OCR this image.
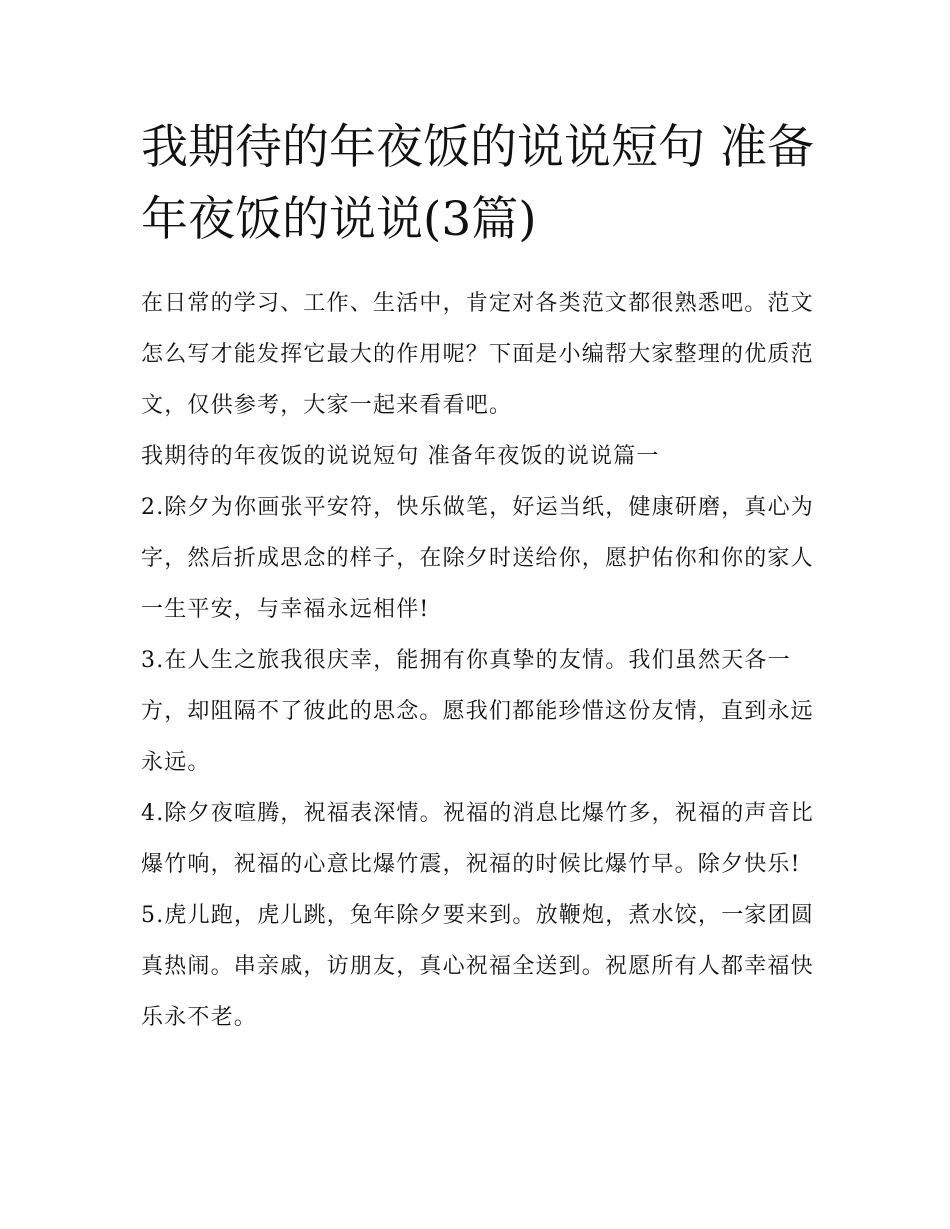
我期待的年夜饭的说说短句 准备年夜饭的说说(3篇)

在日常的学习、工作、生活中，肯定对各类范文都很熟悉吧。范文怎么写才能发挥它最大的作用呢？下面是小编帮大家整理的优质范文，仅供参考，大家一起来看看吧。

我期待的年夜饭的说说短句 准备年夜饭的说说篇一

2.除夕为你画张平安符，快乐做笔，好运当纸，健康研磨，真心为字，然后折成思念的样子，在除夕时送给你，愿护佑你和你的家人一生平安，与幸福永远相伴!

3.在人生之旅我很庆幸，能拥有你真挚的友情。我们虽然天各一方，却阻隔不了彼此的思念。愿我们都能珍惜这份友情，直到永远永远。

4.除夕夜喧腾，祝福表深情。祝福的消息比爆竹多，祝福的声音比爆竹响，祝福的心意比爆竹震，祝福的时候比爆竹早。除夕快乐!

5.虎儿跑，虎儿跳，兔年除夕要来到。放鞭炮，煮水饺，一家团圆真热闹。串亲戚，访朋友，真心祝福全送到。祝愿所有人都幸福快乐永不老。
